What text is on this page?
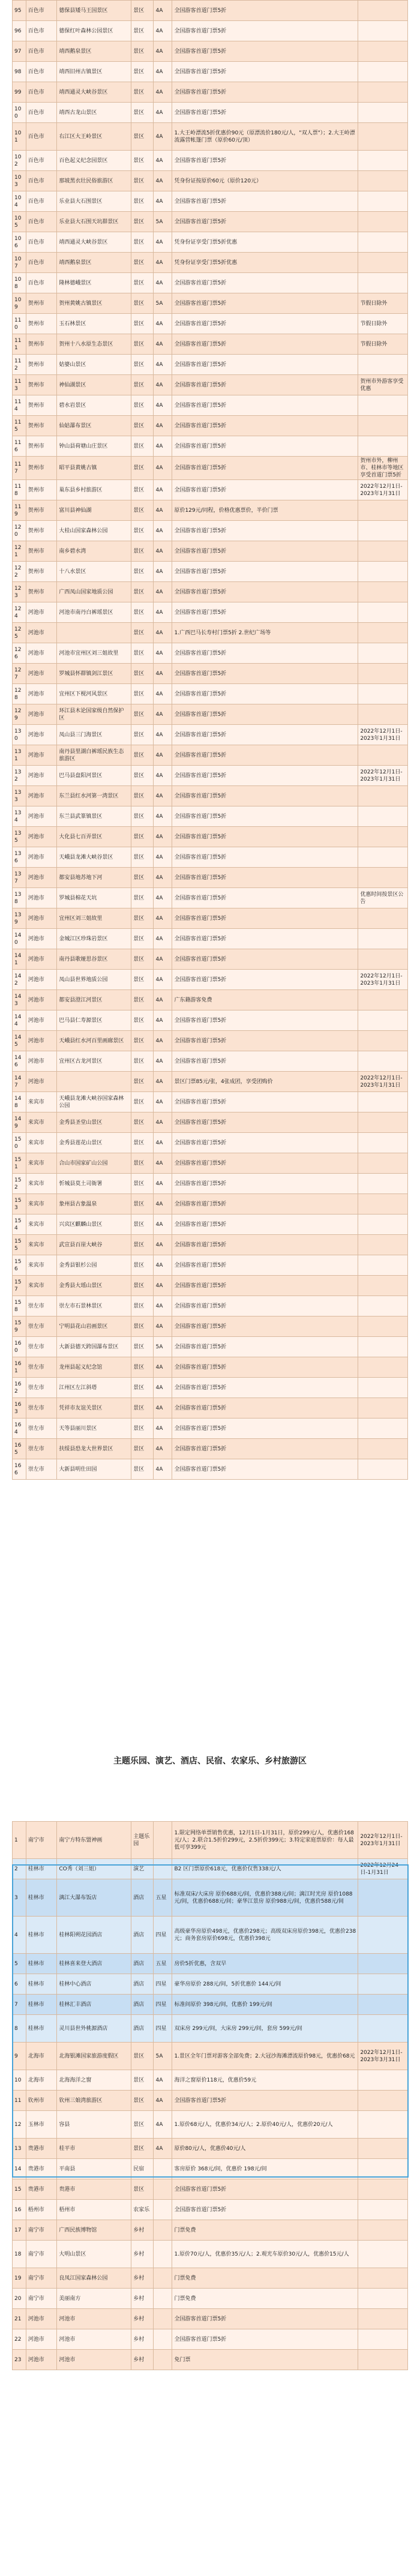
95	百色市	德保县矮马王国景区	景区	4A	全国游客首道门票5折	
96	百色市	德保红叶森林公园景区	景区	4A	全国游客首道门票5折	
97	百色市	靖西鹅泉景区	景区	4A	全国游客首道门票5折	
98	百色市	靖西旧州古镇景区	景区	4A	全国游客首道门票5折	
99	百色市	靖西通灵大峡谷景区	景区	4A	全国游客首道门票5折	
100	百色市	靖西古龙山景区	景区	4A	全国游客首道门票5折	
101	百色市	右江区大王岭景区	景区	4A	1.大王岭漂流5折优惠价90元（原漂流价180元/人，"双人票"）；2.大王岭漂流露营帐篷门票（原价60元/顶）	
102	百色市	百色起义纪念园景区	景区	4A	全国游客首道门票5折	
103	百色市	那坡黑衣壮民俗旅游区	景区	4A	凭身份证按原价60元（原价120元）	
104	百色市	乐业县大石围景区	景区	4A	全国游客首道门票5折	
105	百色市	乐业县大石围天坑群景区	景区	5A	全国游客首道门票5折	
106	百色市	靖西通灵大峡谷景区	景区	4A	凭身份证享受门票5折优惠	
107	百色市	靖西鹅泉景区	景区	4A	凭身份证享受门票5折优惠	
108	百色市	隆林德峨景区	景区	4A	全国游客首道门票5折	
109	贺州市	贺州黄姚古镇景区	景区	5A	全国游客首道门票5折	节假日除外
110	贺州市	玉石林景区	景区	4A	全国游客首道门票5折	节假日除外
111	贺州市	贺州十八水原生态景区	景区	4A	全国游客首道门票5折	节假日除外
112	贺州市	姑婆山景区	景区	4A	全国游客首道门票5折	
113	贺州市	神仙湖景区	景区	4A	全国游客首道门票5折	贺州市外游客享受优惠
114	贺州市	碧水岩景区	景区	4A	全国游客首道门票5折	
115	贺州市	仙姑瀑布景区	景区	4A	全国游客首道门票5折	
116	贺州市	钟山县荷塘山庄景区	景区	4A	全国游客首道门票5折	
117	贺州市	昭平县黄姚古镇	景区	4A	全国游客首道门票5折	贺州市外，柳州市、桂林市等地区享受首道门票5折
118	贺州市	巢东县乡村旅游区	景区	4A	全国游客首道门票5折	2022年12月1日-2023年1月31日
119	贺州市	富川县神仙湖	景区	4A	原价129元/同程，价格优惠票价，半价门票	
120	贺州市	大桂山国家森林公园	景区	4A	全国游客首道门票5折	
121	贺州市	南乡碧水湾	景区	4A	全国游客首道门票5折	
122	贺州市	十八水景区	景区	4A	全国游客首道门票5折	
123	贺州市	广西凤山国家地质公园	景区	4A	全国游客首道门票5折	
124	河池市	河池市南丹白裤瑶景区	景区	4A	全国游客首道门票5折	
125	河池市		景区	4A	1.广西巴马长寿村门票5折 2.世纪广场等	
126	河池市	河池市宜州区刘三姐故里	景区	4A	全国游客首道门票5折	
127	河池市	罗城县怀群镇剑江景区	景区	4A	全国游客首道门票5折	
128	河池市	宜州区下枧河风景区	景区	4A	全国游客首道门票5折	
129	河池市	环江县木论国家级自然保护区	景区	4A	全国游客首道门票5折	
130	河池市	凤山县三门海景区	景区	4A	全国游客首道门票5折	2022年12月1日-2023年1月31日
131	河池市	南丹县里湖白裤瑶民族生态旅游区	景区	4A	全国游客首道门票5折	
132	河池市	巴马县盘阳河景区	景区	4A	全国游客首道门票5折	2022年12月1日-2023年1月31日
133	河池市	东兰县红水河第一湾景区	景区	4A	全国游客首道门票5折	
134	河池市	东兰县武篆镇景区	景区	4A	全国游客首道门票5折	
135	河池市	大化县七百弄景区	景区	4A	全国游客首道门票5折	
136	河池市	天峨县龙滩大峡谷景区	景区	4A	全国游客首道门票5折	
137	河池市	都安县地苏地下河	景区	4A	全国游客首道门票5折	
138	河池市	罗城县棉花天坑	景区	4A	全国游客首道门票5折	优惠时间按景区公告
139	河池市	宜州区刘三姐故里	景区	4A	全国游客首道门票5折	
140	河池市	金城江区珍珠岩景区	景区	4A	全国游客首道门票5折	
141	河池市	南丹县歌娅思谷景区	景区	4A	全国游客首道门票5折	
142	河池市	凤山县世界地质公园	景区	4A	全国游客首道门票5折	2022年12月1日-2023年1月31日
143	河池市	都安县澄江河景区	景区	4A	广东籍游客免费	
144	河池市	巴马县仁寿源景区	景区	4A	全国游客首道门票5折	
145	河池市	天峨县红水河百里画廊景区	景区	4A	全国游客首道门票5折	
146	河池市	宜州区古龙河景区	景区	4A	全国游客首道门票5折	
147	河池市		景区	4A	景区门票85元/张，4张成团，享受团购价	2022年12月1日-2023年1月31日
148	来宾市	天峨县龙滩大峡谷国家森林公园	景区	4A	全国游客首道门票5折	
149	来宾市	金秀县圣堂山景区	景区	4A	全国游客首道门票5折	
150	来宾市	金秀县莲花山景区	景区	4A	全国游客首道门票5折	
151	来宾市	合山市国家矿山公园	景区	4A	全国游客首道门票5折	
152	来宾市	忻城县莫土司衙署	景区	4A	全国游客首道门票5折	
153	来宾市	象州县古象温泉	景区	4A	全国游客首道门票5折	
154	来宾市	兴宾区麒麟山景区	景区	4A	全国游客首道门票5折	
155	来宾市	武宣县百崖大峡谷	景区	4A	全国游客首道门票5折	
156	来宾市	金秀县银杉公园	景区	4A	全国游客首道门票5折	
157	来宾市	金秀县大瑶山景区	景区	4A	全国游客首道门票5折	
158	崇左市	崇左市石景林景区	景区	4A	全国游客首道门票5折	
159	崇左市	宁明县花山岩画景区	景区	4A	全国游客首道门票5折	
160	崇左市	大新县德天跨国瀑布景区	景区	5A	全国游客首道门票5折	
161	崇左市	龙州县起义纪念馆	景区	4A	全国游客首道门票5折	
162	崇左市	江州区左江斜塔	景区	4A	全国游客首道门票5折	
163	崇左市	凭祥市友谊关景区	景区	4A	全国游客首道门票5折	
164	崇左市	天等县丽川景区	景区	4A	全国游客首道门票5折	
165	崇左市	扶绥县恐龙大世界景区	景区	4A	全国游客首道门票5折	
166	崇左市	大新县明仕田园	景区	4A	全国游客首道门票5折	
主题乐园、演艺、酒店、民宿、农家乐、乡村旅游区
1	南宁市	南宁方特东盟神画	主题乐园		1.限定网络单票销售优惠，12月1日-1月31日，原价299元/人，优惠价168元/人；2.联合1.5折价299元，2.5折价399元；3.特定家庭票原价：每人最低可享399元	2022年12月1日-2023年1月31日
2	桂林市	CO秀（刘三姐）	演艺		B2 区门票原价618元，优惠价仅售338元/人	2022年12月24日-1月31日
3	桂林市	漓江大瀑布饭店	酒店	五星	标准双床/大床房 原价688元/间，优惠价388元/间；漓江时光房 原价1088元/间，优惠价688元/间；豪华江景房 原价988元/间，优惠价588元/间	
4	桂林市	桂林阳朔花园酒店	酒店	四星	高级豪华房原价498元，优惠价298元；高级双床房原价398元，优惠价238元；商务套房原价698元，优惠价398元	
5	桂林市	桂林喜来登大酒店	酒店	五星	房价5折优惠，含双早	
6	桂林市	桂林中心酒店	酒店	四星	豪华房原价 288元/间，5折优惠价 144元/间	
7	桂林市	桂林汇丰酒店	酒店	四星	标准间原价 398元/间，优惠价 199元/间	
8	桂林市	灵川县世外桃源酒店	酒店	四星	双床房 299元/间，大床房 299元/间，套房 599元/间	
9	北海市	北海银滩国家旅游度假区	景区	5A	1.景区全年门票对游客全部免费；2.大冠沙海滩漂流原价98元，优惠价68元	2022年12月1日-2023年3月31日
10	北海市	北海海洋之窗	景区	4A	海洋之窗原价118元，优惠价59元	
11	钦州市	钦州三娘湾旅游区	景区	4A	全国游客首道门票5折	
12	玉林市	容县	景区	4A	1.原价68元/人，优惠价34元/人；2.原价40元/人，优惠价20元/人	
13	贵港市	桂平市	景区	4A	原价80元/人，优惠价40元/人	
14	贵港市	平南县	民宿		客房原价 368元/间，优惠价 198元/间	
15	贵港市	贵港市	景区		全国游客首道门票5折	
16	梧州市	梧州市	农家乐		全国游客首道门票5折	
17	南宁市	广西民族博物馆	乡村		门票免费	
18	南宁市	大明山景区	乡村		1.原价70元/人，优惠价35元/人；2.观光车原价30元/人，优惠价15元/人	
19	南宁市	良凤江国家森林公园	乡村		门票免费	
20	南宁市	美丽南方	乡村		门票免费	
21	河池市	河池市	乡村		全国游客首道门票5折	
22	河池市	河池市	乡村		全国游客首道门票5折	
23	河池市	河池市	乡村		免门票	
